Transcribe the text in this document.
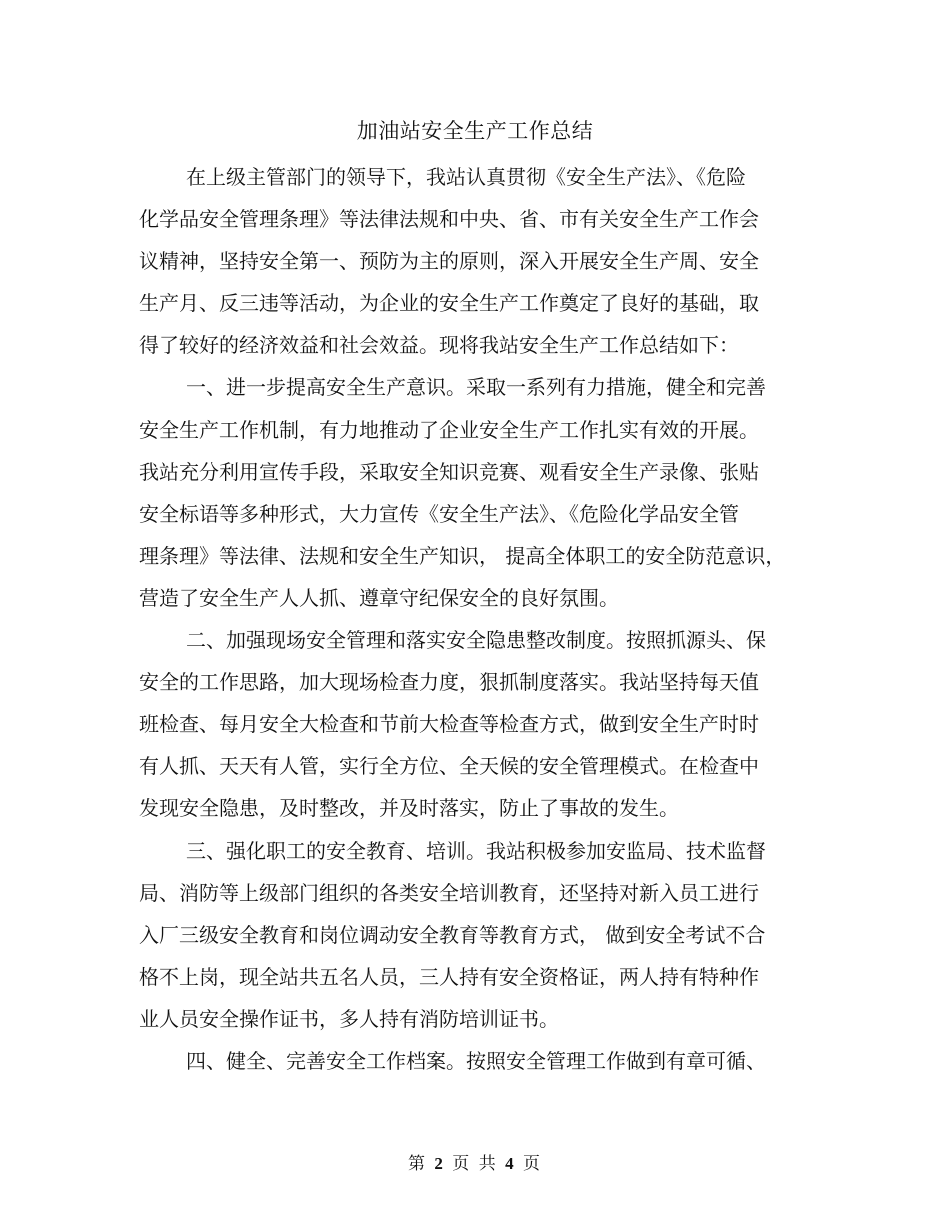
加油站安全生产工作总结
在上级主管部门的领导下，我站认真贯彻《安全生产法》、《危险
化学品安全管理条理》等法律法规和中央、省、市有关安全生产工作会
议精神，坚持安全第一、预防为主的原则，深入开展安全生产周、安全
生产月、反三违等活动，为企业的安全生产工作奠定了良好的基础，取
得了较好的经济效益和社会效益。现将我站安全生产工作总结如下：
一、进一步提高安全生产意识。采取一系列有力措施，健全和完善
安全生产工作机制，有力地推动了企业安全生产工作扎实有效的开展。
我站充分利用宣传手段，采取安全知识竞赛、观看安全生产录像、张贴
安全标语等多种形式，大力宣传《安全生产法》、《危险化学品安全管
理条理》等法律、法规和安全生产知识， 提高全体职工的安全防范意识，
营造了安全生产人人抓、遵章守纪保安全的良好氛围。
二、加强现场安全管理和落实安全隐患整改制度。按照抓源头、保
安全的工作思路，加大现场检查力度，狠抓制度落实。我站坚持每天值
班检查、每月安全大检查和节前大检查等检查方式，做到安全生产时时
有人抓、天天有人管，实行全方位、全天候的安全管理模式。在检查中
发现安全隐患，及时整改，并及时落实，防止了事故的发生。
三、强化职工的安全教育、培训。我站积极参加安监局、技术监督
局、消防等上级部门组织的各类安全培训教育，还坚持对新入员工进行
入厂三级安全教育和岗位调动安全教育等教育方式， 做到安全考试不合
格不上岗，现全站共五名人员，三人持有安全资格证，两人持有特种作
业人员安全操作证书，多人持有消防培训证书。
四、健全、完善安全工作档案。按照安全管理工作做到有章可循、
第 2 页 共 4 页
